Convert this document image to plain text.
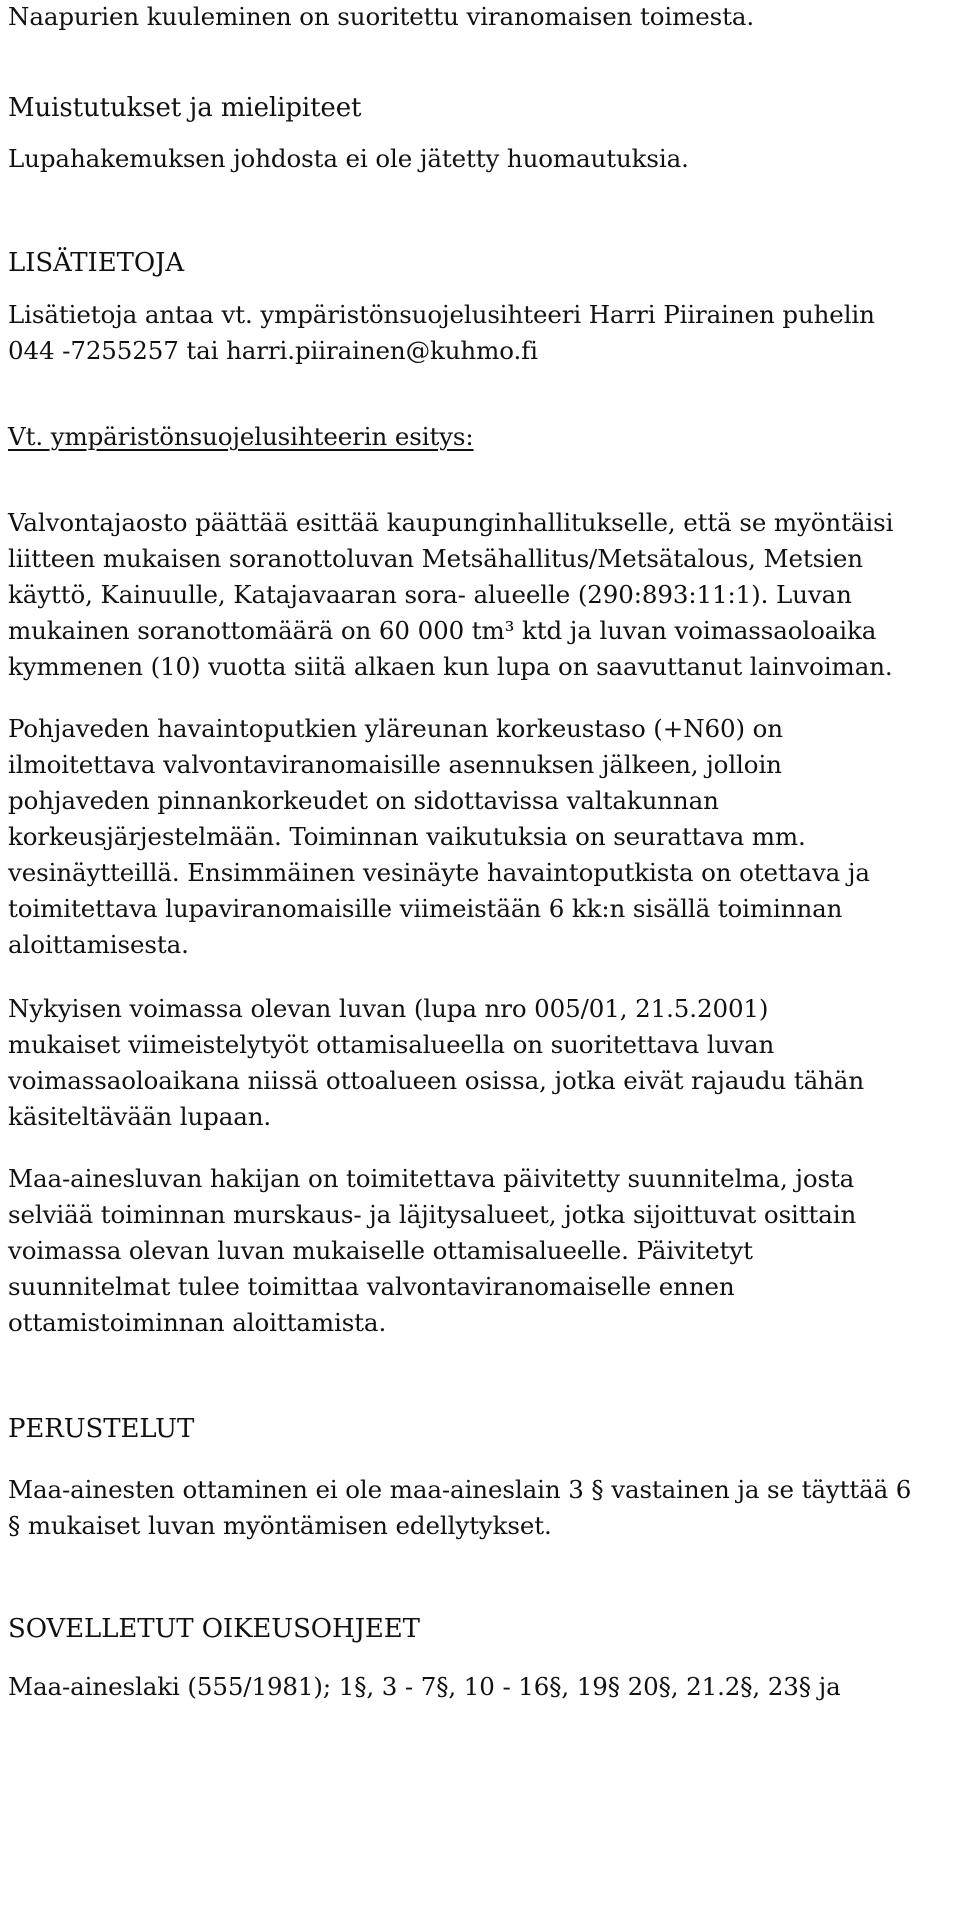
Naapurien kuuleminen on suoritettu viranomaisen toimesta.
Muistutukset ja mielipiteet
Lupahakemuksen johdosta ei ole jätetty huomautuksia.
LISÄTIETOJA
Lisätietoja antaa vt. ympäristönsuojelusihteeri Harri Piirainen puhelin
044 -7255257 tai harri.piirainen@kuhmo.fi
Vt. ympäristönsuojelusihteerin esitys:
Valvontajaosto päättää esittää kaupunginhallitukselle, että se myöntäisi
liitteen mukaisen soranottoluvan Metsähallitus/Metsätalous, Metsien
käyttö, Kainuulle, Katajavaaran sora- alueelle (290:893:11:1). Luvan
mukainen soranottomäärä on 60 000 tm³ ktd ja luvan voimassaoloaika
kymmenen (10) vuotta siitä alkaen kun lupa on saavuttanut lainvoiman.
Pohjaveden havaintoputkien yläreunan korkeustaso (+N60) on
ilmoitettava valvontaviranomaisille asennuksen jälkeen, jolloin
pohjaveden pinnankorkeudet on sidottavissa valtakunnan
korkeusjärjestelmään. Toiminnan vaikutuksia on seurattava mm.
vesinäytteillä. Ensimmäinen vesinäyte havaintoputkista on otettava ja
toimitettava lupaviranomaisille viimeistään 6 kk:n sisällä toiminnan
aloittamisesta.
Nykyisen voimassa olevan luvan (lupa nro 005/01, 21.5.2001)
mukaiset viimeistelytyöt ottamisalueella on suoritettava luvan
voimassaoloaikana niissä ottoalueen osissa, jotka eivät rajaudu tähän
käsiteltävään lupaan.
Maa-ainesluvan hakijan on toimitettava päivitetty suunnitelma, josta
selviää toiminnan murskaus- ja läjitysalueet, jotka sijoittuvat osittain
voimassa olevan luvan mukaiselle ottamisalueelle. Päivitetyt
suunnitelmat tulee toimittaa valvontaviranomaiselle ennen
ottamistoiminnan aloittamista.
PERUSTELUT
Maa-ainesten ottaminen ei ole maa-aineslain 3 § vastainen ja se täyttää 6
§ mukaiset luvan myöntämisen edellytykset.
SOVELLETUT OIKEUSOHJEET
Maa-aineslaki (555/1981); 1§, 3 - 7§, 10 - 16§, 19§ 20§, 21.2§, 23§ ja
